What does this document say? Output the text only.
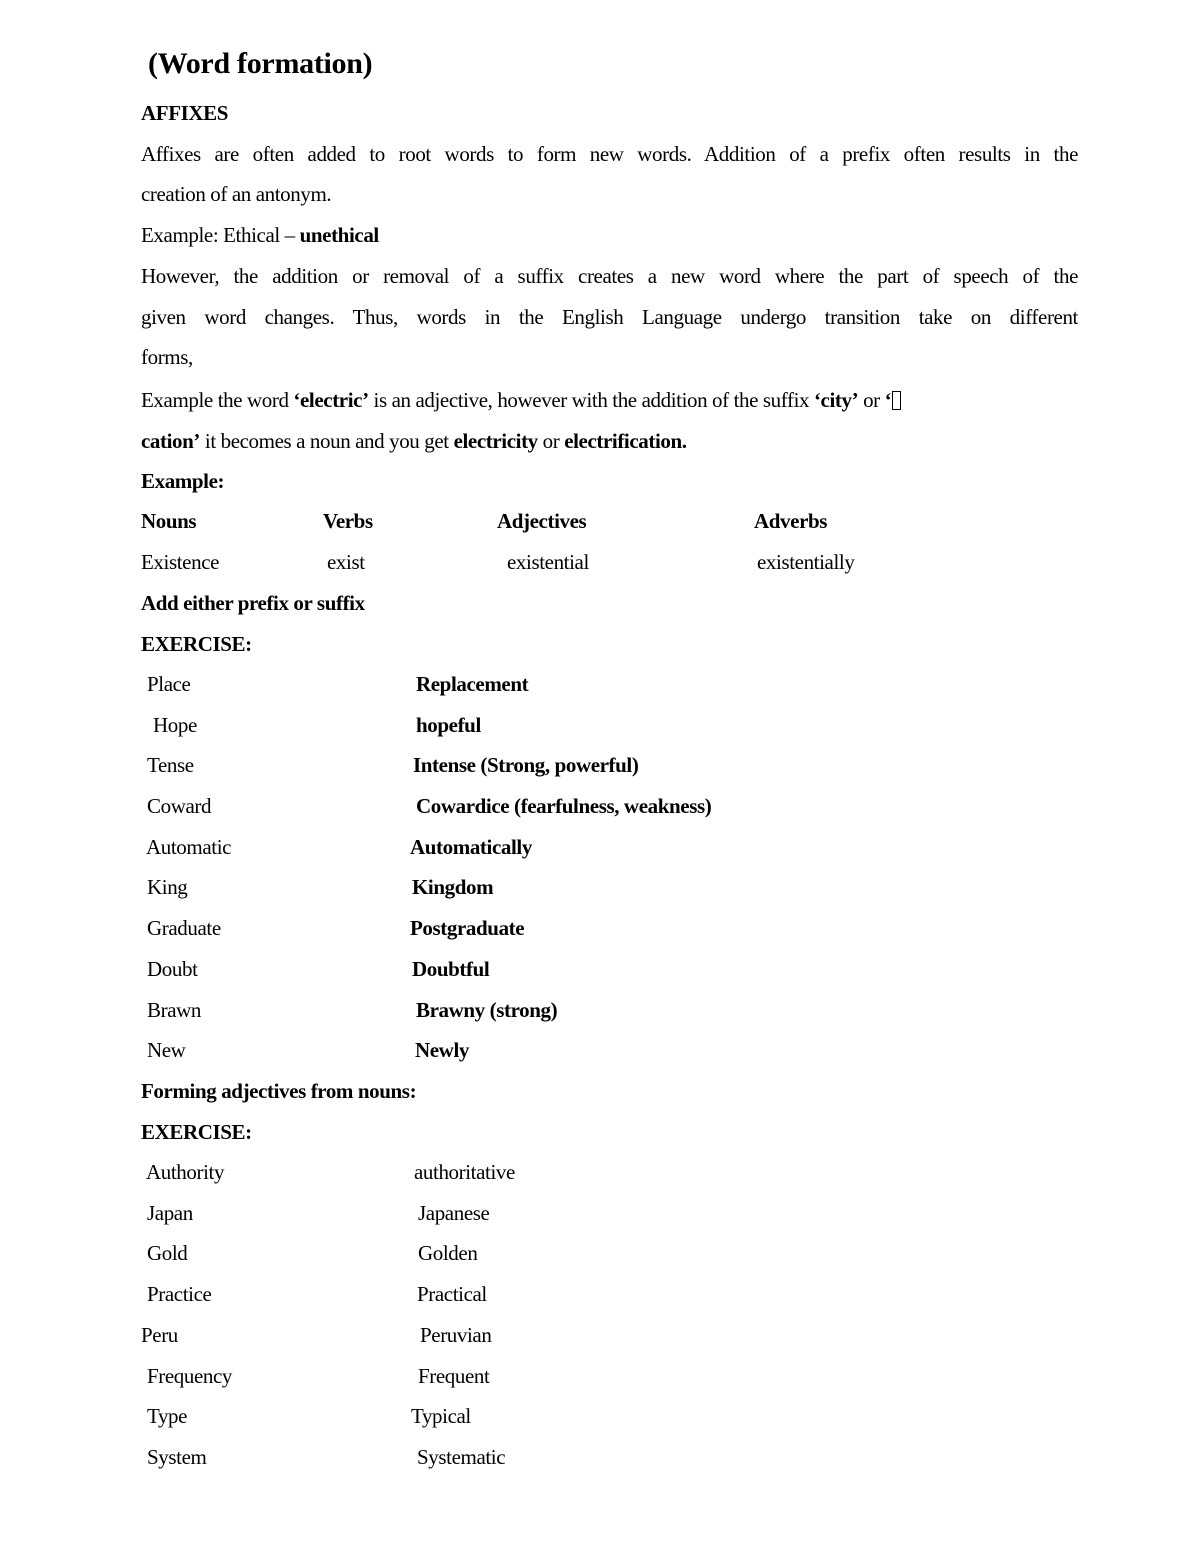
(Word formation)
AFFIXES
Affixes are often added to root words to form new words. Addition of a prefix often results in the
creation of an antonym.
Example: Ethical – unethical
However, the addition or removal of a suffix creates a new word where the part of speech of the
given word changes. Thus, words in the English Language undergo transition take on different
forms,
Example the word ‘electric’ is an adjective, however with the addition of the suffix ‘city’ or ‘
cation’ it becomes a noun and you get electricity or electrification.
Example:
Nouns	Verbs	Adjectives	Adverbs
Existence	exist	existential	existentially
Add either prefix or suffix
EXERCISE:
Place	Replacement
Hope	hopeful
Tense	Intense (Strong, powerful)
Coward	Cowardice (fearfulness, weakness)
Automatic	Automatically
King	Kingdom
Graduate	Postgraduate
Doubt	Doubtful
Brawn	Brawny (strong)
New	Newly
Forming adjectives from nouns:
EXERCISE:
Authority	authoritative
Japan	Japanese
Gold	Golden
Practice	Practical
Peru	Peruvian
Frequency	Frequent
Type	Typical
System	Systematic
